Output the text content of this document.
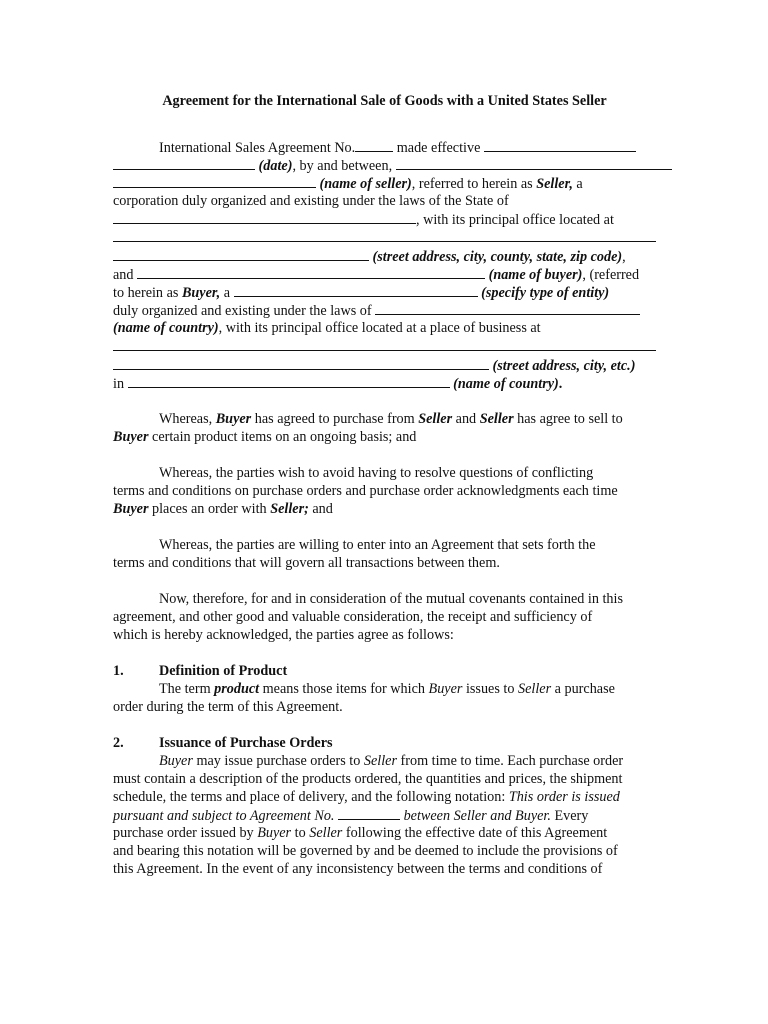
Agreement for the International Sale of Goods with a United States Seller
International Sales Agreement No.	made effective
(date), by and between,
(name of seller), referred to herein as Seller, a
corporation duly organized and existing under the laws of the State of
, with its principal office located at
(street address, city, county, state, zip code),
and	(name of buyer), (referred
to herein as Buyer, a	(specify type of entity)
duly organized and existing under the laws of
(name of country), with its principal office located at a place of business at
(street address, city, etc.)
in	(name of country).
Whereas, Buyer has agreed to purchase from Seller and Seller has agree to sell to
Buyer certain product items on an ongoing basis; and
Whereas, the parties wish to avoid having to resolve questions of conflicting
terms and conditions on purchase orders and purchase order acknowledgments each time
Buyer places an order with Seller; and
Whereas, the parties are willing to enter into an Agreement that sets forth the
terms and conditions that will govern all transactions between them.
Now, therefore, for and in consideration of the mutual covenants contained in this
agreement, and other good and valuable consideration, the receipt and sufficiency of
which is hereby acknowledged, the parties agree as follows:
1. Definition of Product
The term product means those items for which Buyer issues to Seller a purchase
order during the term of this Agreement.
2. Issuance of Purchase Orders
Buyer may issue purchase orders to Seller from time to time. Each purchase order
must contain a description of the products ordered, the quantities and prices, the shipment
schedule, the terms and place of delivery, and the following notation: This order is issued
pursuant and subject to Agreement No.	between Seller and Buyer. Every
purchase order issued by Buyer to Seller following the effective date of this Agreement
and bearing this notation will be governed by and be deemed to include the provisions of
this Agreement. In the event of any inconsistency between the terms and conditions of
